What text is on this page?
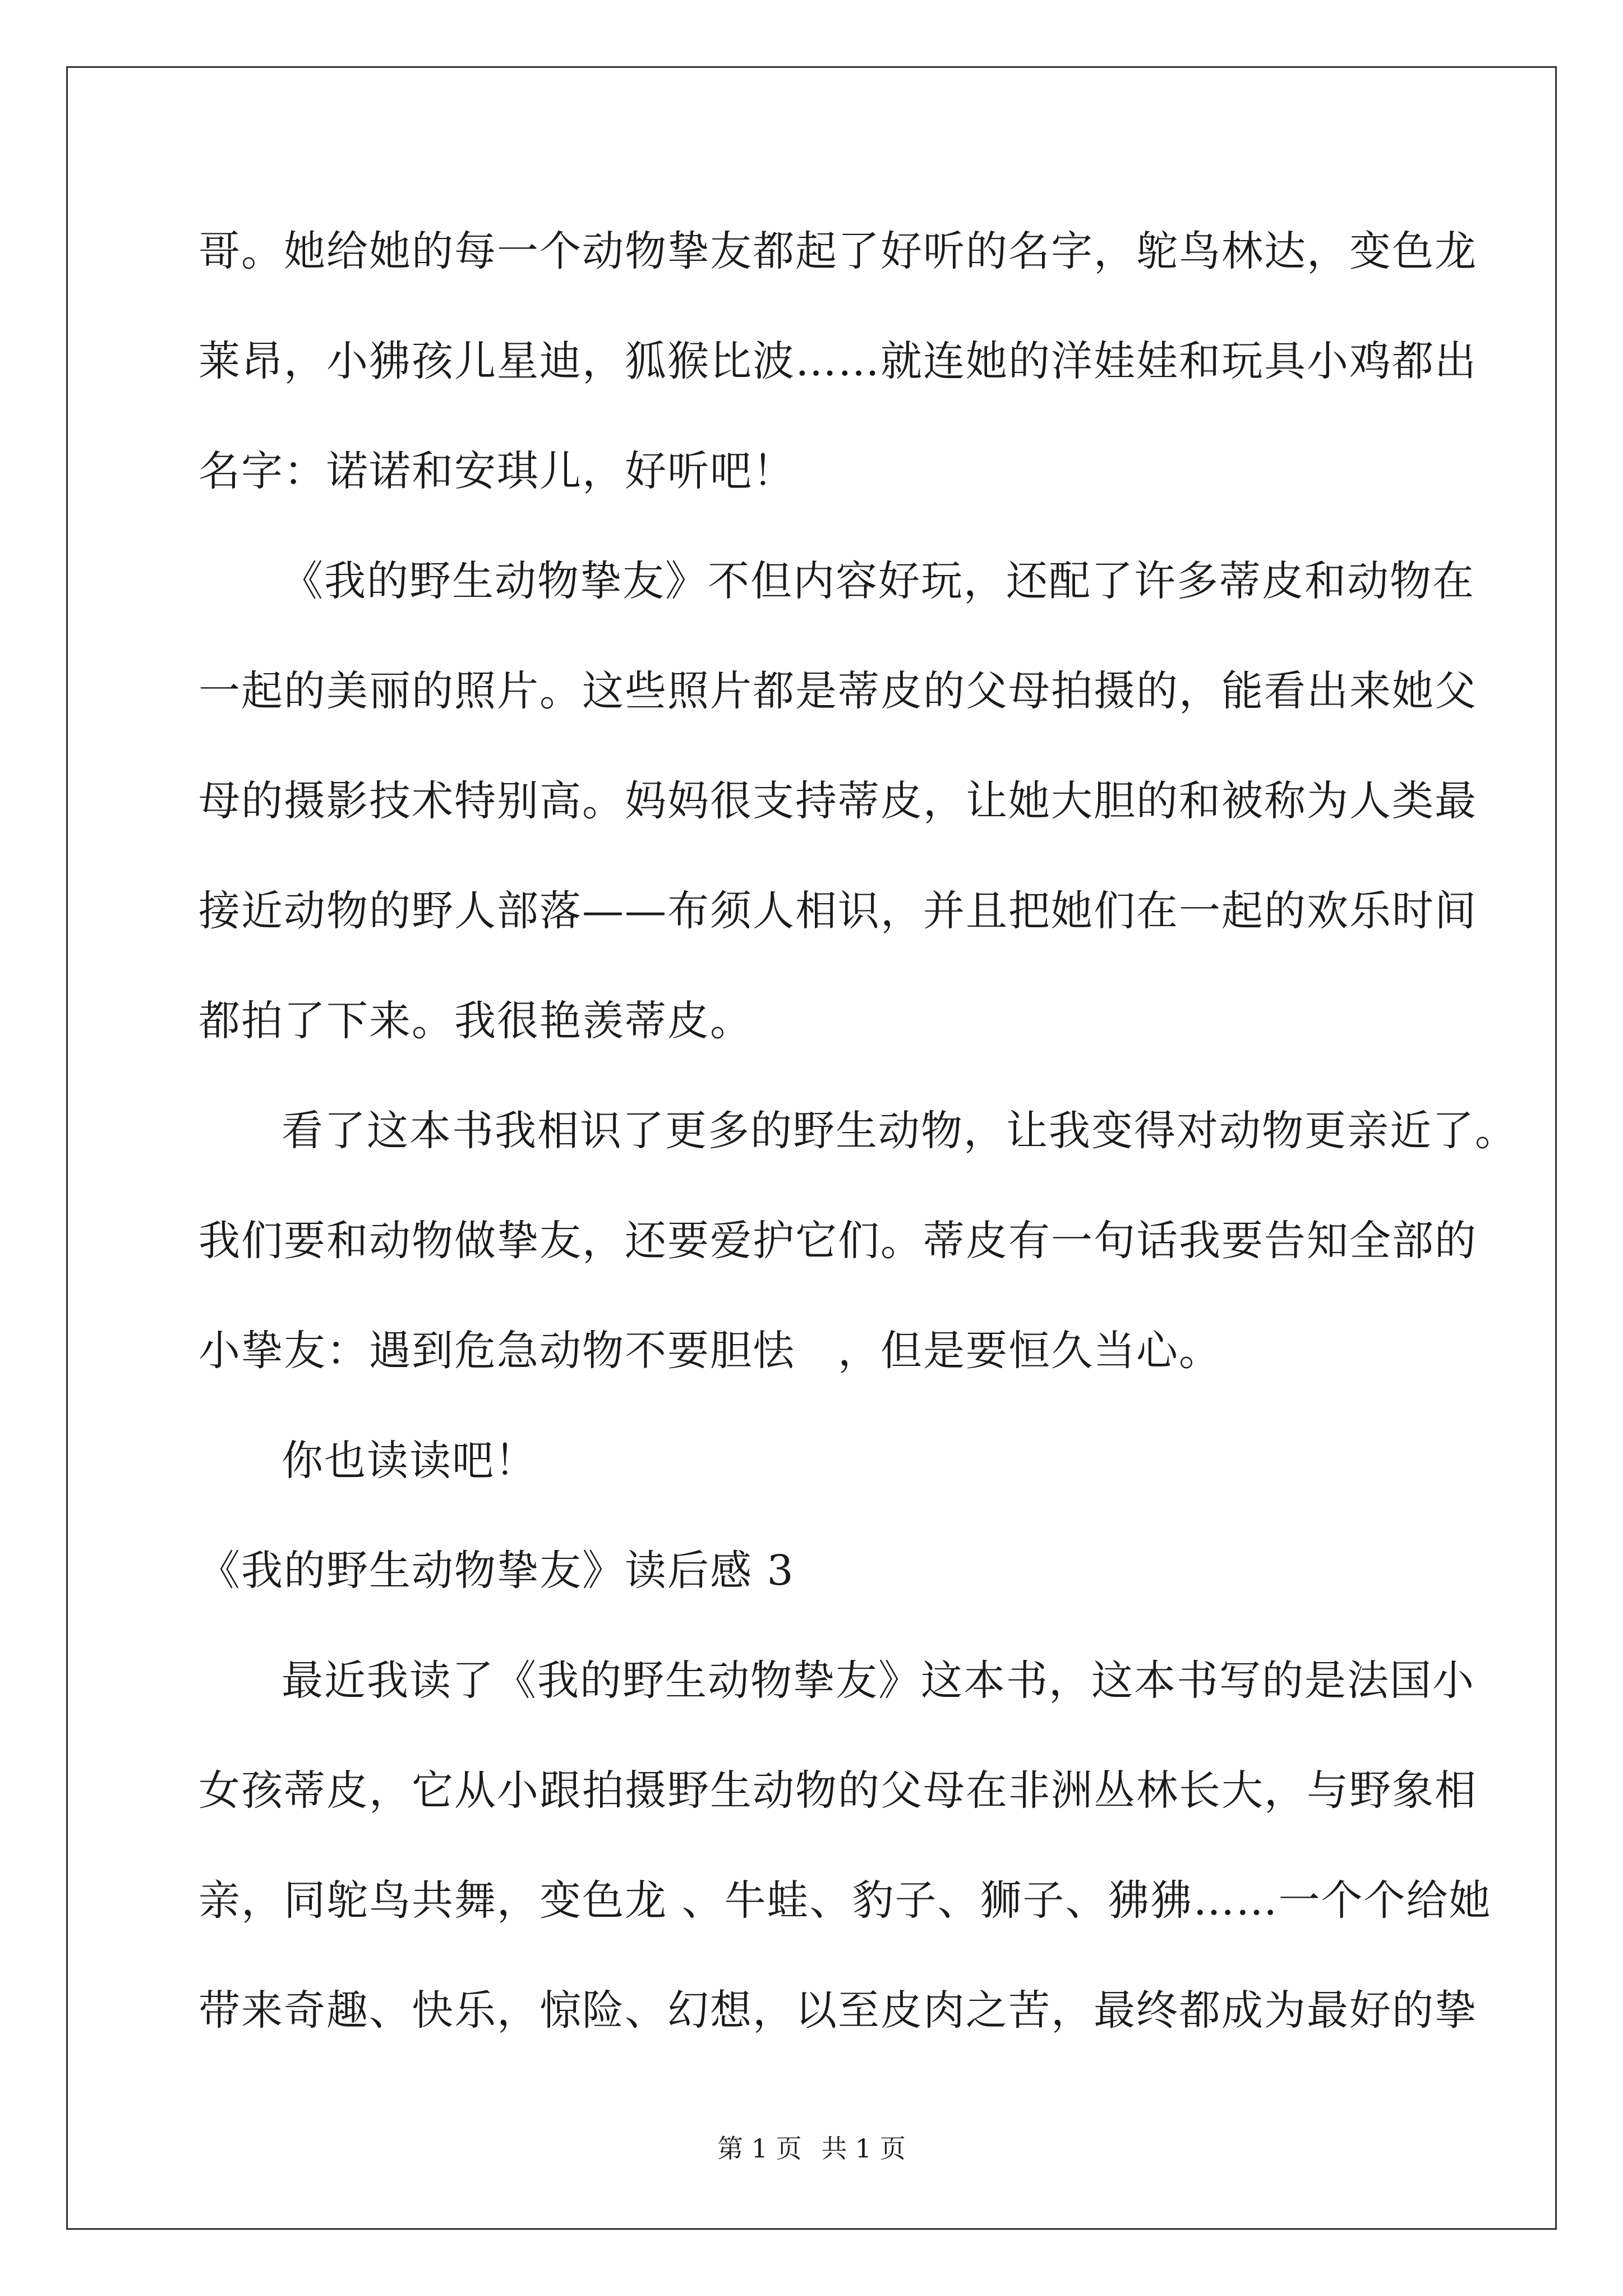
哥。她给她的每一个动物挚友都起了好听的名字，鸵鸟林达，变色龙
莱昂，小狒孩儿星迪，狐猴比波……就连她的洋娃娃和玩具小鸡都出
名字：诺诺和安琪儿，好听吧！
《我的野生动物挚友》不但内容好玩，还配了许多蒂皮和动物在
一起的美丽的照片。这些照片都是蒂皮的父母拍摄的，能看出来她父
母的摄影技术特别高。妈妈很支持蒂皮，让她大胆的和被称为人类最
接近动物的野人部落——布须人相识，并且把她们在一起的欢乐时间
都拍了下来。我很艳羡蒂皮。
看了这本书我相识了更多的野生动物，让我变得对动物更亲近了。
我们要和动物做挚友，还要爱护它们。蒂皮有一句话我要告知全部的
小挚友：遇到危急动物不要胆怯　，但是要恒久当心。
你也读读吧！
《我的野生动物挚友》读后感 3
最近我读了《我的野生动物挚友》这本书，这本书写的是法国小
女孩蒂皮，它从小跟拍摄野生动物的父母在非洲丛林长大，与野象相
亲，同鸵鸟共舞，变色龙 、牛蛙、豹子、狮子、狒狒……一个个给她
带来奇趣、快乐，惊险、幻想，以至皮肉之苦，最终都成为最好的挚
第 1 页 共 1 页
